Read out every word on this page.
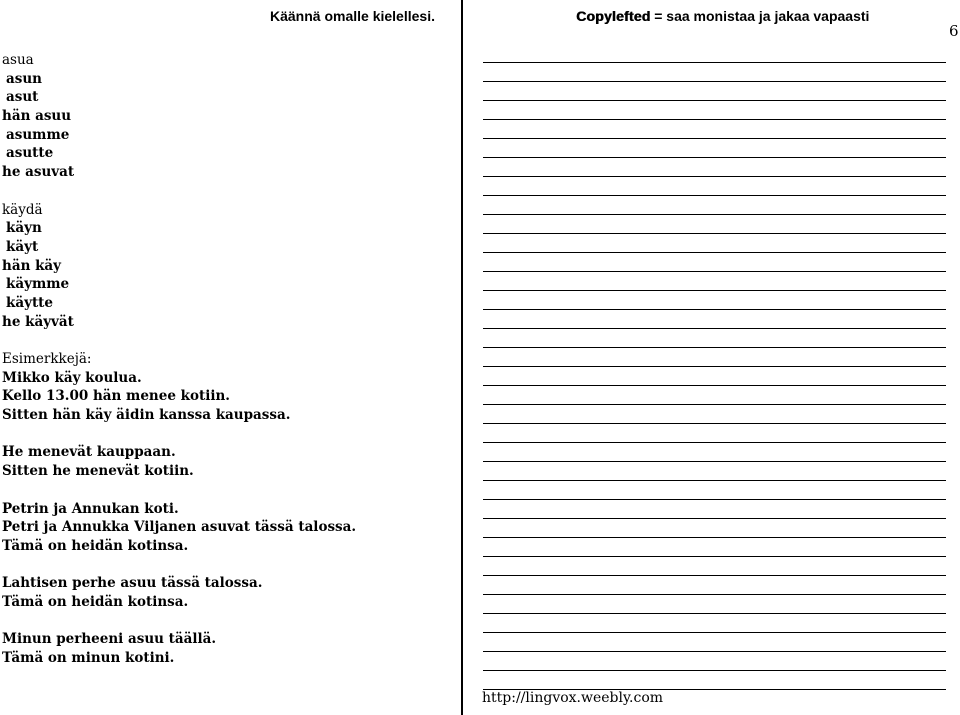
Käännä omalle kielellesi.	Copylefted = saa monistaa ja jakaa vapaasti
6

asua

asun

asut

hän asuu

asumme

asutte

he asuvat

käydä

käyn

käyt

hän käy

käymme

käytte

he käyvät

Esimerkkejä:

Mikko käy koulua.

Kello 13.00 hän menee kotiin.

Sitten hän käy äidin kanssa kaupassa.

He menevät kauppaan.

Sitten he menevät kotiin.

Petrin ja Annukan koti.

Petri ja Annukka Viljanen asuvat tässä talossa.

Tämä on heidän kotinsa.

Lahtisen perhe asuu tässä talossa.

Tämä on heidän kotinsa.

Minun perheeni asuu täällä.

Tämä on minun kotini.

http://lingvox.weebly.com
